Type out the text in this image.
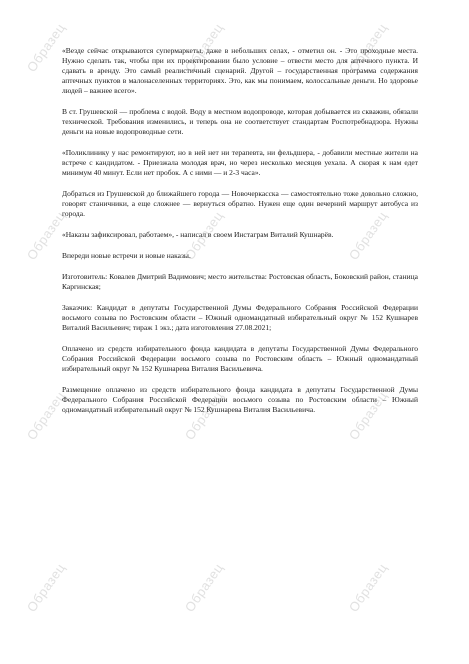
Образец	Образец	Образец
Образец	Образец	Образец
Образец	Образец	Образец
Образец	Образец	Образец

«Везде сейчас открываются супермаркеты, даже в небольших селах, - отметил он. - Это проходные места. Нужно сделать так, чтобы при их проектировании было условие – отвести место для аптечного пункта. И сдавать в аренду. Это самый реалистичный сценарий. Другой – государственная программа содержания аптечных пунктов в малонаселенных территориях. Это, как мы понимаем, колоссальные деньги. Но здоровье людей – важнее всего».

В ст. Грушевской — проблема с водой. Воду в местном водопроводе, которая добывается из скважин, обязали технической. Требования изменились, и теперь она не соответствует стандартам Роспотребнадзора. Нужны деньги на новые водопроводные сети.

«Поликлинику у нас ремонтируют, но в ней нет ни терапевта, ни фельдшера, - добавили местные жители на встрече с кандидатом. - Приезжала молодая врач, но через несколько месяцев уехала. А скорая к нам едет минимум 40 минут. Если нет пробок. А с ними — и 2-3 часа».

Добраться из Грушевской до ближайшего города — Новочеркасска — самостоятельно тоже довольно сложно, говорят станичники, а еще сложнее — вернуться обратно. Нужен еще один вечерний маршрут автобуса из города.

«Наказы зафиксировал, работаем», - написал в своем Инстаграм Виталий Кушнарёв.

Впереди новые встречи и новые наказы.

Изготовитель: Ковалев Дмитрий Вадимович; место жительства: Ростовская область, Боковский район, станица Каргинская;

Заказчик: Кандидат в депутаты Государственной Думы Федерального Собрания Российской Федерации восьмого созыва по Ростовским области – Южный одномандатный избирательный округ № 152 Кушнарев Виталий Васильевич; тираж 1 экз.; дата изготовления 27.08.2021;

Оплачено из средств избирательного фонда кандидата в депутаты Государственной Думы Федерального Собрания Российской Федерации восьмого созыва по Ростовским область – Южный одномандатный избирательный округ № 152 Кушнарева Виталия Васильевича.

Размещение оплачено из средств избирательного фонда кандидата в депутаты Государственной Думы Федерального Собрания Российской Федерации восьмого созыва по Ростовским области – Южный одномандатный избирательный округ № 152 Кушнарева Виталия Васильевича.
